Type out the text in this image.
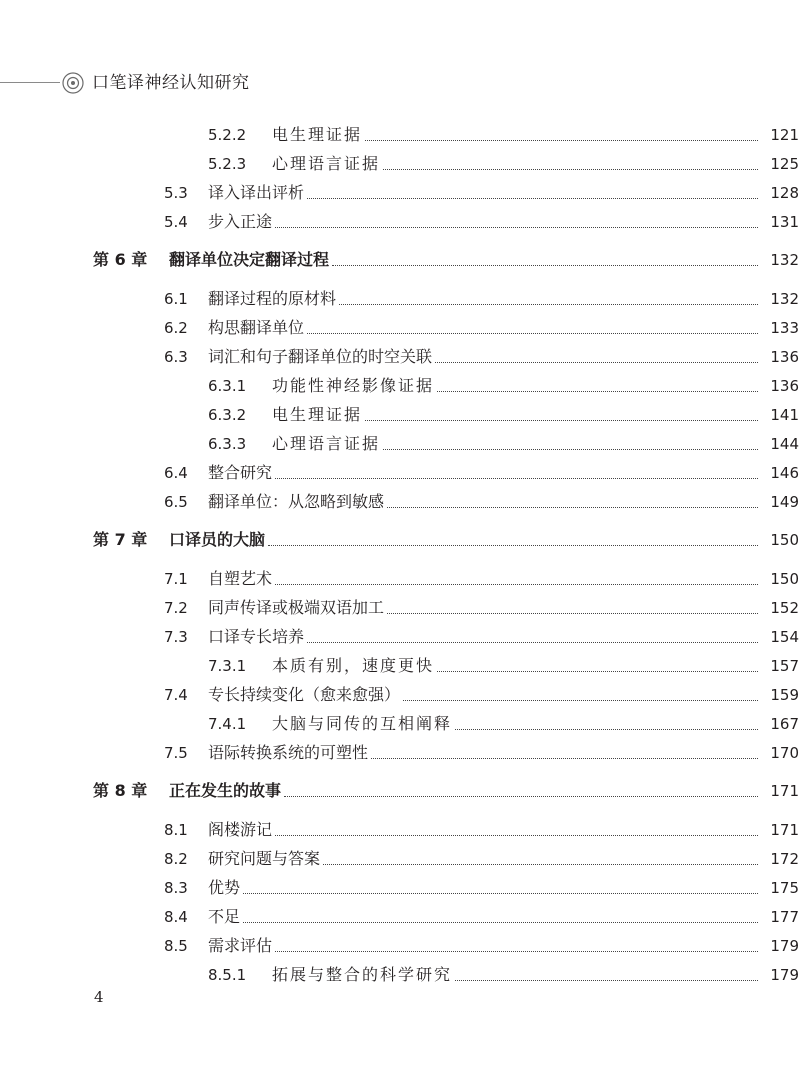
口笔译神经认知研究
5.2.2	电生理证据	121
5.2.3	心理语言证据	125
5.3	译入译出评析	128
5.4	步入正途	131
第 6 章	翻译单位决定翻译过程	132
6.1	翻译过程的原材料	132
6.2	构思翻译单位	133
6.3	词汇和句子翻译单位的时空关联	136
6.3.1	功能性神经影像证据	136
6.3.2	电生理证据	141
6.3.3	心理语言证据	144
6.4	整合研究	146
6.5	翻译单位：从忽略到敏感	149
第 7 章	口译员的大脑	150
7.1	自塑艺术	150
7.2	同声传译或极端双语加工	152
7.3	口译专长培养	154
7.3.1	本质有别，速度更快	157
7.4	专长持续变化（愈来愈强）	159
7.4.1	大脑与同传的互相阐释	167
7.5	语际转换系统的可塑性	170
第 8 章	正在发生的故事	171
8.1	阁楼游记	171
8.2	研究问题与答案	172
8.3	优势	175
8.4	不足	177
8.5	需求评估	179
8.5.1	拓展与整合的科学研究	179
4
